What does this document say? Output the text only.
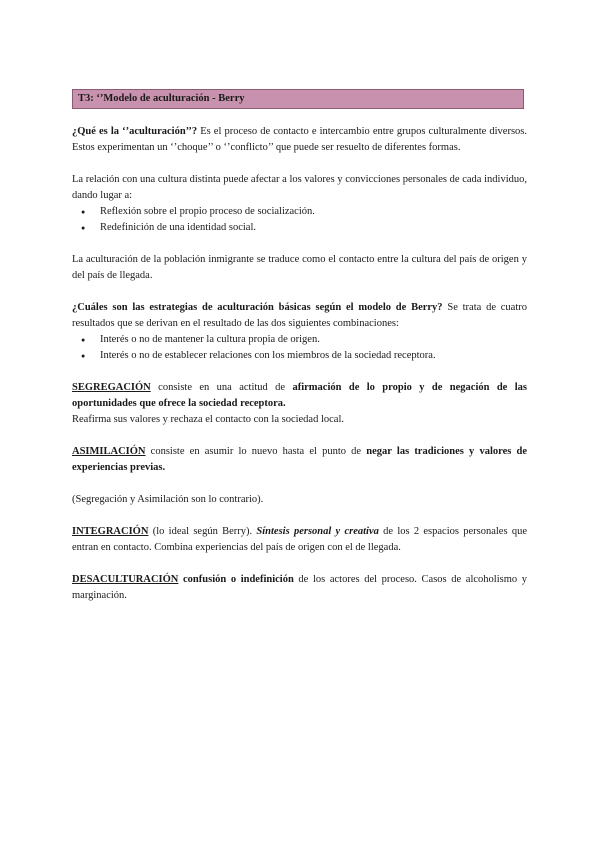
T3: ‘’Modelo de aculturación - Berry

¿Qué es la ‘’aculturación’’? Es el proceso de contacto e intercambio entre grupos culturalmente diversos. Estos experimentan un ‘’choque’’ o ‘’conflicto’’ que puede ser resuelto de diferentes formas.

La relación con una cultura distinta puede afectar a los valores y convicciones personales de cada individuo, dando lugar a:

● Reflexión sobre el propio proceso de socialización.
● Redefinición de una identidad social.

La aculturación de la población inmigrante se traduce como el contacto entre la cultura del país de origen y del país de llegada.

¿Cuáles son las estrategias de aculturación básicas según el modelo de Berry? Se trata de cuatro resultados que se derivan en el resultado de las dos siguientes combinaciones:

● Interés o no de mantener la cultura propia de origen.
● Interés o no de establecer relaciones con los miembros de la sociedad receptora.

SEGREGACIÓN consiste en una actitud de afirmación de lo propio y de negación de las oportunidades que ofrece la sociedad receptora.

Reafirma sus valores y rechaza el contacto con la sociedad local.

ASIMILACIÓN consiste en asumir lo nuevo hasta el punto de negar las tradiciones y valores de experiencias previas.

(Segregación y Asimilación son lo contrario).

INTEGRACIÓN (lo ideal según Berry). Síntesis personal y creativa de los 2 espacios personales que entran en contacto. Combina experiencias del país de origen con el de llegada.

DESACULTURACIÓN confusión o indefinición de los actores del proceso. Casos de alcoholismo y marginación.
